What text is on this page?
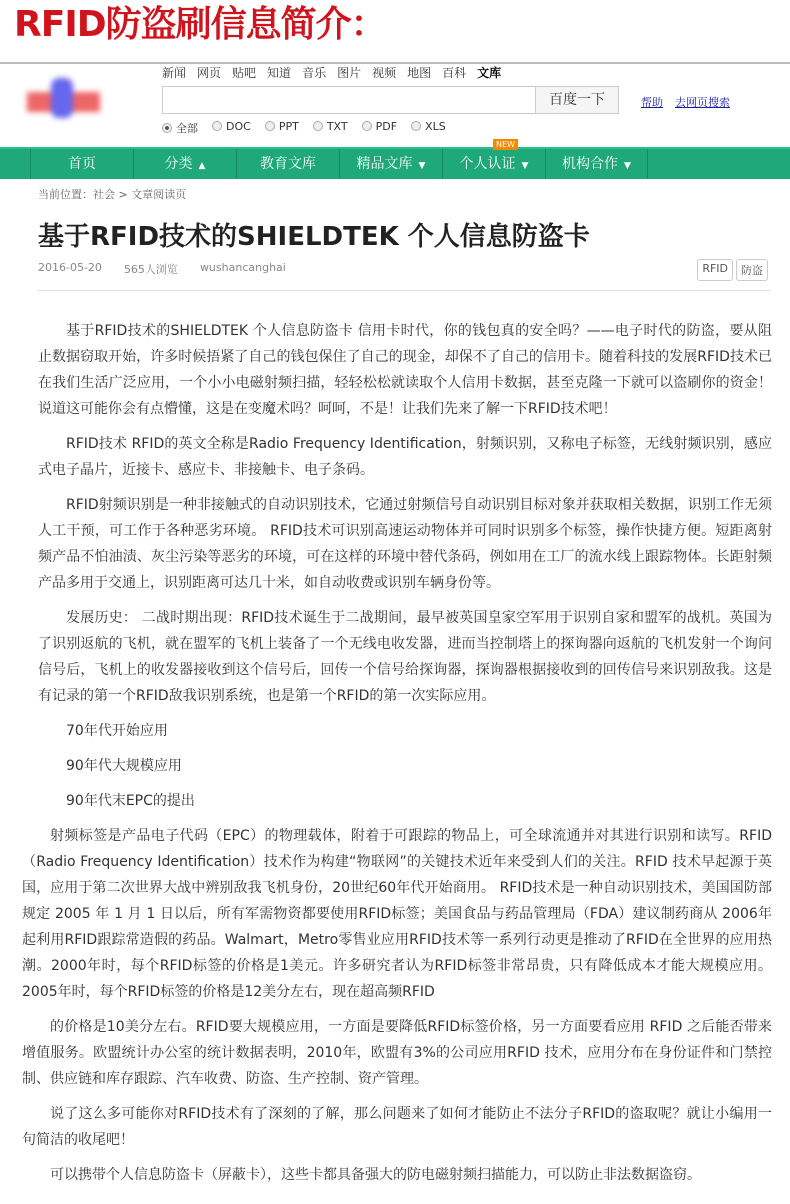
RFID防盗刷信息简介：
新闻 网页 贴吧 知道 音乐 图片 视频 地图 百科 文库
百度一下	帮助 去网页搜索
全部	DOC	PPT	TXT	PDF	XLS
首页	分类 ▲	教育文库	精品文库 ▼
NEW
个人认证 ▼	机构合作 ▼
当前位置：社会 > 文章阅读页
基于RFID技术的SHIELDTEK 个人信息防盗卡
2016-05-20 565人浏览 wushancanghai	RFID	防盗

基于RFID技术的SHIELDTEK 个人信息防盗卡 信用卡时代，你的钱包真的安全吗？——电子时代的防盗，要从阻止数据窃取开始，许多时候捂紧了自己的钱包保住了自己的现金，却保不了自己的信用卡。随着科技的发展RFID技术已在我们生活广泛应用，一个小小电磁射频扫描，轻轻松松就读取个人信用卡数据，甚至克隆一下就可以盗刷你的资金！说道这可能你会有点懵懂，这是在变魔术吗？呵呵，不是！让我们先来了解一下RFID技术吧！

RFID技术 RFID的英文全称是Radio Frequency Identification，射频识别，又称电子标签，无线射频识别，感应式电子晶片，近接卡、感应卡、非接触卡、电子条码。

RFID射频识别是一种非接触式的自动识别技术，它通过射频信号自动识别目标对象并获取相关数据，识别工作无须人工干预，可工作于各种恶劣环境。 RFID技术可识别高速运动物体并可同时识别多个标签，操作快捷方便。短距离射频产品不怕油渍、灰尘污染等恶劣的环境，可在这样的环境中替代条码，例如用在工厂的流水线上跟踪物体。长距射频产品多用于交通上，识别距离可达几十米，如自动收费或识别车辆身份等。

发展历史： 二战时期出现：RFID技术诞生于二战期间，最早被英国皇家空军用于识别自家和盟军的战机。英国为了识别返航的飞机，就在盟军的飞机上装备了一个无线电收发器，进而当控制塔上的探询器向返航的飞机发射一个询问信号后，飞机上的收发器接收到这个信号后，回传一个信号给探询器，探询器根据接收到的回传信号来识别敌我。这是有记录的第一个RFID敌我识别系统，也是第一个RFID的第一次实际应用。

70年代开始应用

90年代大规模应用

90年代末EPC的提出

射频标签是产品电子代码（EPC）的物理载体，附着于可跟踪的物品上，可全球流通并对其进行识别和读写。RFID（Radio Frequency Identification）技术作为构建“物联网”的关键技术近年来受到人们的关注。RFID 技术早起源于英国，应用于第二次世界大战中辨别敌我飞机身份，20世纪60年代开始商用。 RFID技术是一种自动识别技术，美国国防部规定 2005 年 1 月 1 日以后，所有军需物资都要使用RFID标签；美国食品与药品管理局（FDA）建议制药商从 2006年起利用RFID跟踪常造假的药品。Walmart，Metro零售业应用RFID技术等一系列行动更是推动了RFID在全世界的应用热潮。2000年时，每个RFID标签的价格是1美元。许多研究者认为RFID标签非常昂贵，只有降低成本才能大规模应用。2005年时，每个RFID标签的价格是12美分左右，现在超高频RFID

的价格是10美分左右。RFID要大规模应用，一方面是要降低RFID标签价格，另一方面要看应用 RFID 之后能否带来增值服务。欧盟统计办公室的统计数据表明，2010年，欧盟有3%的公司应用RFID 技术，应用分布在身份证件和门禁控制、供应链和库存跟踪、汽车收费、防盗、生产控制、资产管理。

说了这么多可能你对RFID技术有了深刻的了解，那么问题来了如何才能防止不法分子RFID的盗取呢？就让小编用一句简洁的收尾吧！

可以携带个人信息防盗卡（屏蔽卡），这些卡都具备强大的防电磁射频扫描能力，可以防止非法数据盗窃。
